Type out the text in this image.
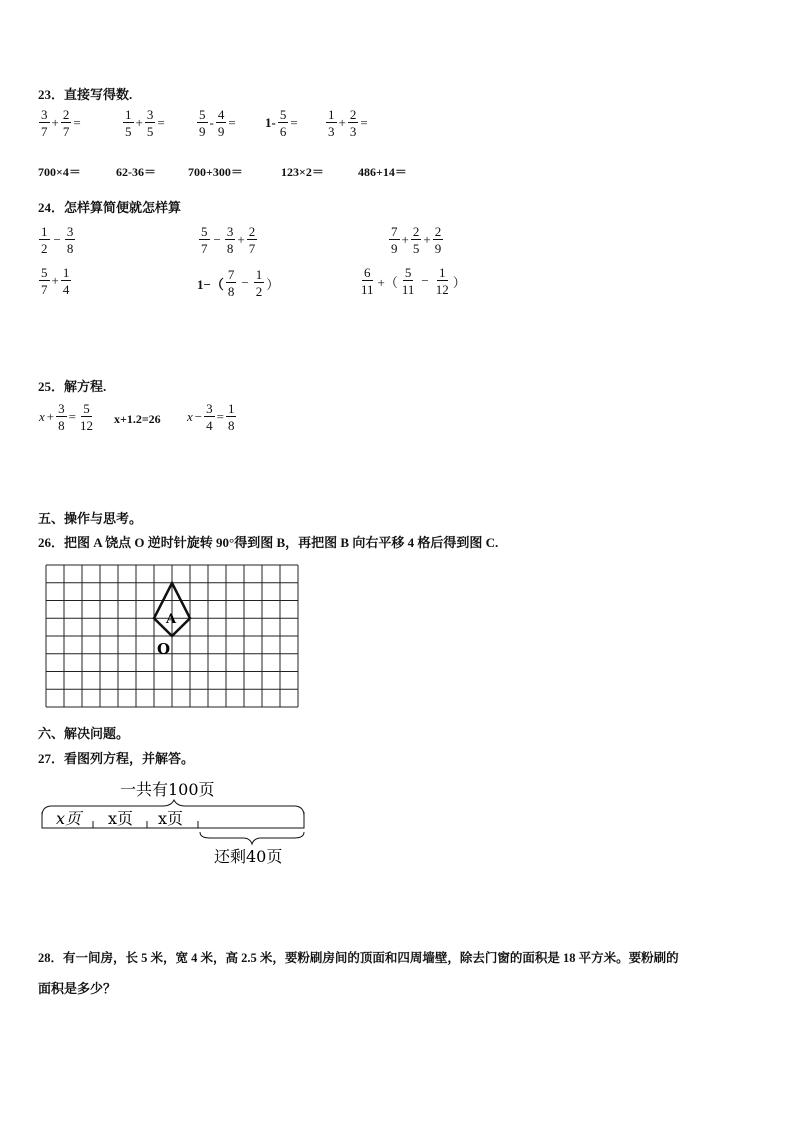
23．直接写得数.
$\frac{3}{7} + \frac{2}{7}$ =	$\frac{1}{5} + \frac{3}{5} = \frac{5}{9} - \frac{4}{9} = 1- \frac{5}{6} = \frac{1}{3} + \frac{2}{3}$ =
700×4＝	62-36＝	700+300＝	123×2＝	486+14＝
24．怎样算简便就怎样算
$\frac{1}{2} - \frac{3}{8}$	$\frac{5}{7} - \frac{3}{8} + \frac{2}{7}$	$\frac{7}{9} + \frac{2}{5} + \frac{2}{9}$
$\frac{5}{7} + \frac{1}{4}$	$1-( \frac{7}{8} - \frac{1}{2}$ ）	$\frac{6}{11}$ +（ $\frac{5}{11} - \frac{1}{12}$ ）
25．解方程.
$x + \frac{3}{8} = \frac{5}{12} x+1.2=26$ $x - \frac{3}{4} = \frac{1}{8}$
五、操作与思考。
26．把图 A 饶点 O 逆时针旋转 90°得到图 B，再把图 B 向右平移 4 格后得到图 C.
A
O
六、解决问题。
27．看图列方程，并解答。
一共有100页
x页 x页 x页
还剩40页
28．有一间房，长 5 米，宽 4 米，高 2.5 米，要粉刷房间的顶面和四周墙壁，除去门窗的面积是 18 平方米。要粉刷的
面积是多少？
